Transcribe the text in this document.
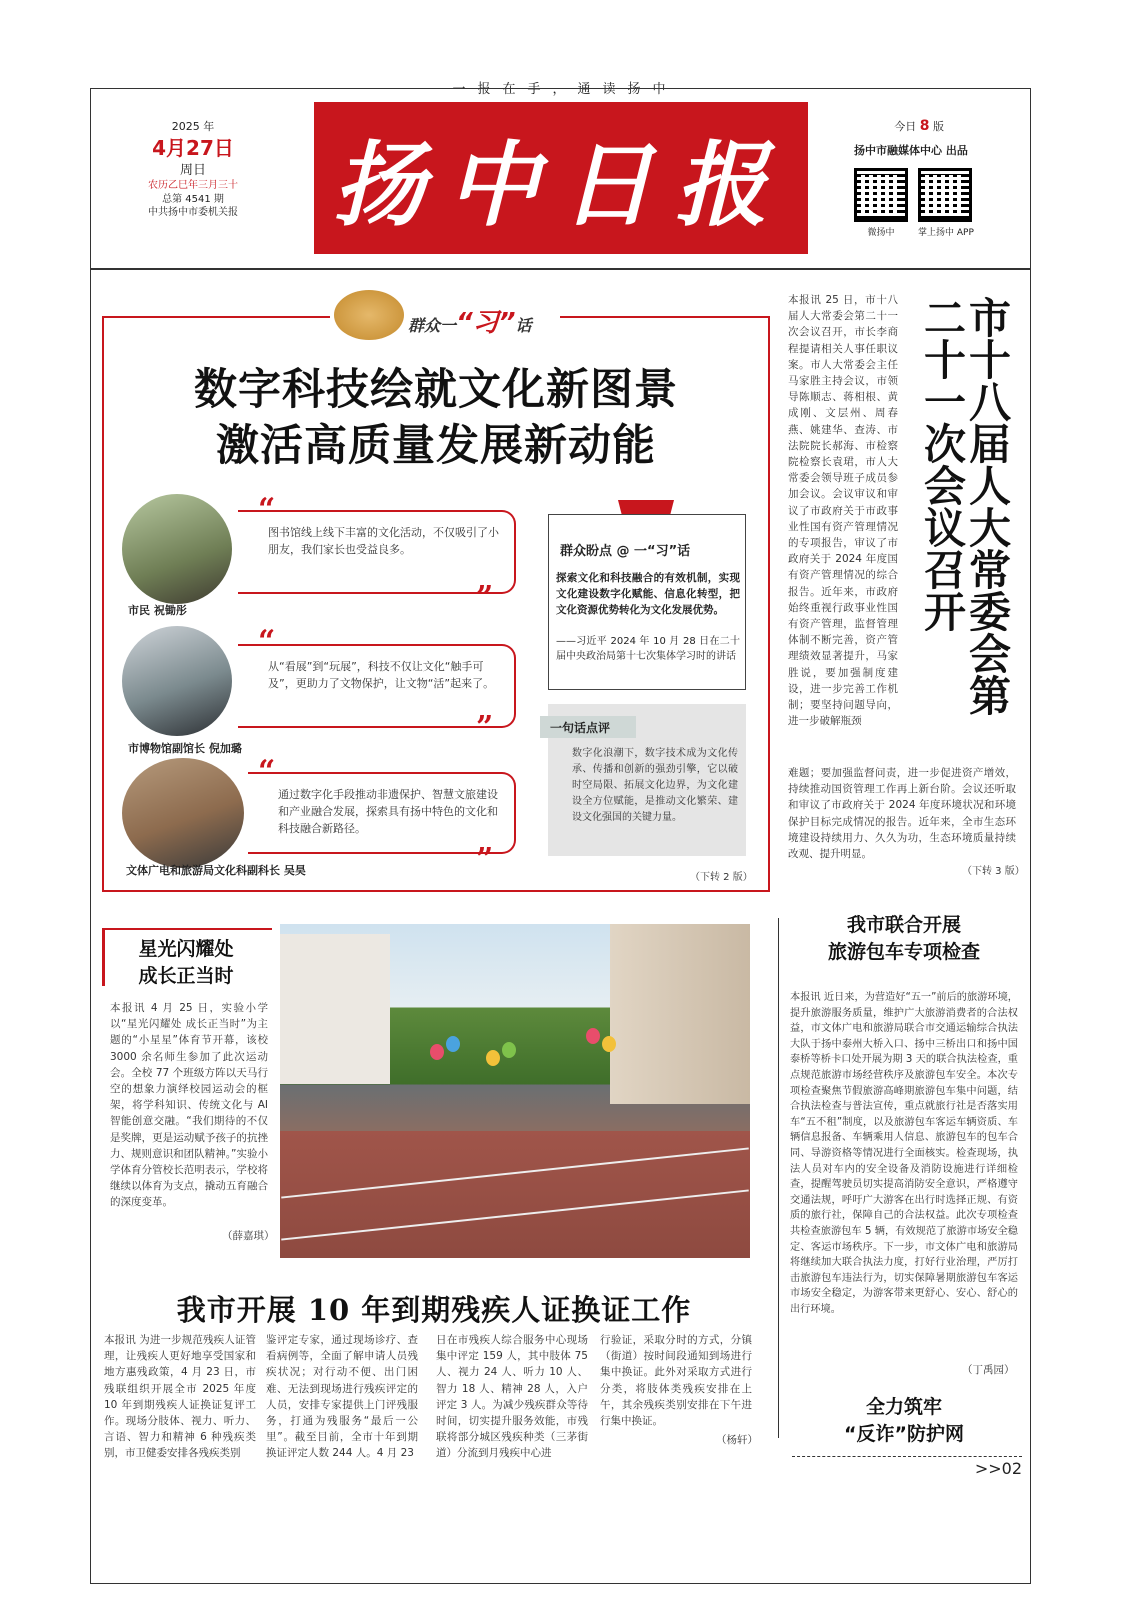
一报在手，通读扬中
2025 年
4月27日
周日
农历乙巳年三月三十
总第 4541 期
中共扬中市委机关报	扬中日报
今日 8 版
扬中市融媒体中心 出品
微扬中	掌上扬中 APP
群众一“习”话
数字科技绘就文化新图景
激活高质量发展新动能
“
图书馆线上线下丰富的文化活动，不仅吸引了小朋友，我们家长也受益良多。
”
市民 祝锄彤
“
从“看展”到“玩展”，科技不仅让文化“触手可及”，更助力了文物保护，让文物“活”起来了。
”
市博物馆副馆长 倪加璐
“
通过数字化手段推动非遗保护、智慧文旅建设和产业融合发展，探索具有扬中特色的文化和科技融合新路径。
”
文体广电和旅游局文化科副科长 吴昊
群众盼点 @ 一“习”话
探索文化和科技融合的有效机制，实现文化建设数字化赋能、信息化转型，把文化资源优势转化为文化发展优势。
——习近平 2024 年 10 月 28 日在二十届中央政治局第十七次集体学习时的讲话
一句话点评
数字化浪潮下，数字技术成为文化传承、传播和创新的强劲引擎，它以破时空局限、拓展文化边界，为文化建设全方位赋能，是推动文化繁荣、建设文化强国的关键力量。
（下转 2 版）
市十八届人大常委会第二十一次会议召开
本报讯 25 日，市十八届人大常委会第二十一次会议召开，市长李商程提请相关人事任职议案。市人大常委会主任马家胜主持会议，市领导陈顺志、蒋相根、黄成刚、文层州、周春燕、姚建华、查涛、市法院院长郝海、市检察院检察长袁珺，市人大常委会领导班子成员参加会议。会议审议和审议了市政府关于市政事业性国有资产管理情况的专项报告，审议了市政府关于 2024 年度国有资产管理情况的综合报告。近年来，市政府始终重视行政事业性国有资产管理，监督管理体制不断完善，资产管理绩效显著提升，马家胜说，要加强制度建设，进一步完善工作机制；要坚持问题导向，进一步破解瓶颈
难题；要加强监督问责，进一步促进资产增效，持续推动国资管理工作再上新台阶。会议还听取和审议了市政府关于 2024 年度环境状况和环境保护目标完成情况的报告。近年来，全市生态环境建设持续用力、久久为功，生态环境质量持续改观、提升明显。
（下转 3 版）
星光闪耀处
成长正当时
本报讯 4 月 25 日，实验小学以“星光闪耀处 成长正当时”为主题的“小星星”体育节开幕，该校 3000 余名师生参加了此次运动会。全校 77 个班级方阵以天马行空的想象力演绎校园运动会的框架，将学科知识、传统文化与 AI 智能创意交融。“我们期待的不仅是奖牌，更是运动赋予孩子的抗挫力、规则意识和团队精神。”实验小学体育分管校长范明表示，学校将继续以体育为支点，撬动五育融合的深度变革。
（薛嘉琪）
我市联合开展
旅游包车专项检查
本报讯 近日来，为营造好“五一”前后的旅游环境，提升旅游服务质量，维护广大旅游消费者的合法权益，市文体广电和旅游局联合市交通运输综合执法大队于扬中泰州大桥入口、扬中三桥出口和扬中国泰桥等桥卡口处开展为期 3 天的联合执法检查，重点规范旅游市场经营秩序及旅游包车安全。本次专项检查聚焦节假旅游高峰期旅游包车集中问题，结合执法检查与普法宣传，重点就旅行社是否落实用车“五不租”制度，以及旅游包车客运车辆资质、车辆信息报备、车辆乘用人信息、旅游包车的包车合同、导游资格等情况进行全面核实。检查现场，执法人员对车内的安全设备及消防设施进行详细检查，提醒驾驶员切实提高消防安全意识，严格遵守交通法规，呼吁广大游客在出行时选择正规、有资质的旅行社，保障自己的合法权益。此次专项检查共检查旅游包车 5 辆，有效规范了旅游市场安全稳定、客运市场秩序。下一步，市文体广电和旅游局将继续加大联合执法力度，打好行业治理，严厉打击旅游包车违法行为，切实保障暑期旅游包车客运市场安全稳定，为游客带来更舒心、安心、舒心的出行环境。
（丁禹园）
我市开展 10 年到期残疾人证换证工作
本报讯 为进一步规范残疾人证管理，让残疾人更好地享受国家和地方惠残政策，4 月 23 日，市残联组织开展全市 2025 年度 10 年到期残疾人证换证复评工作。现场分肢体、视力、听力、言语、智力和精神 6 种残疾类别，市卫健委安排各残疾类别
鉴评定专家，通过现场诊疗、查看病例等，全面了解申请人员残疾状况；对行动不便、出门困难、无法到现场进行残疾评定的人员，安排专家提供上门评残服务，打通为残服务“最后一公里”。截至目前，全市十年到期换证评定人数 244 人。4 月 23
日在市残疾人综合服务中心现场集中评定 159 人，其中肢体 75 人、视力 24 人、听力 10 人、智力 18 人、精神 28 人，入户评定 3 人。为减少残疾群众等待时间，切实提升服务效能，市残联将部分城区残疾种类（三茅街道）分流到月残疾中心进
行验证，采取分时的方式，分镇（街道）按时间段通知到场进行集中换证。此外对采取方式进行分类，将肢体类残疾安排在上午，其余残疾类别安排在下午进行集中换证。
（杨轩）
全力筑牢
“反诈”防护网
>>02
